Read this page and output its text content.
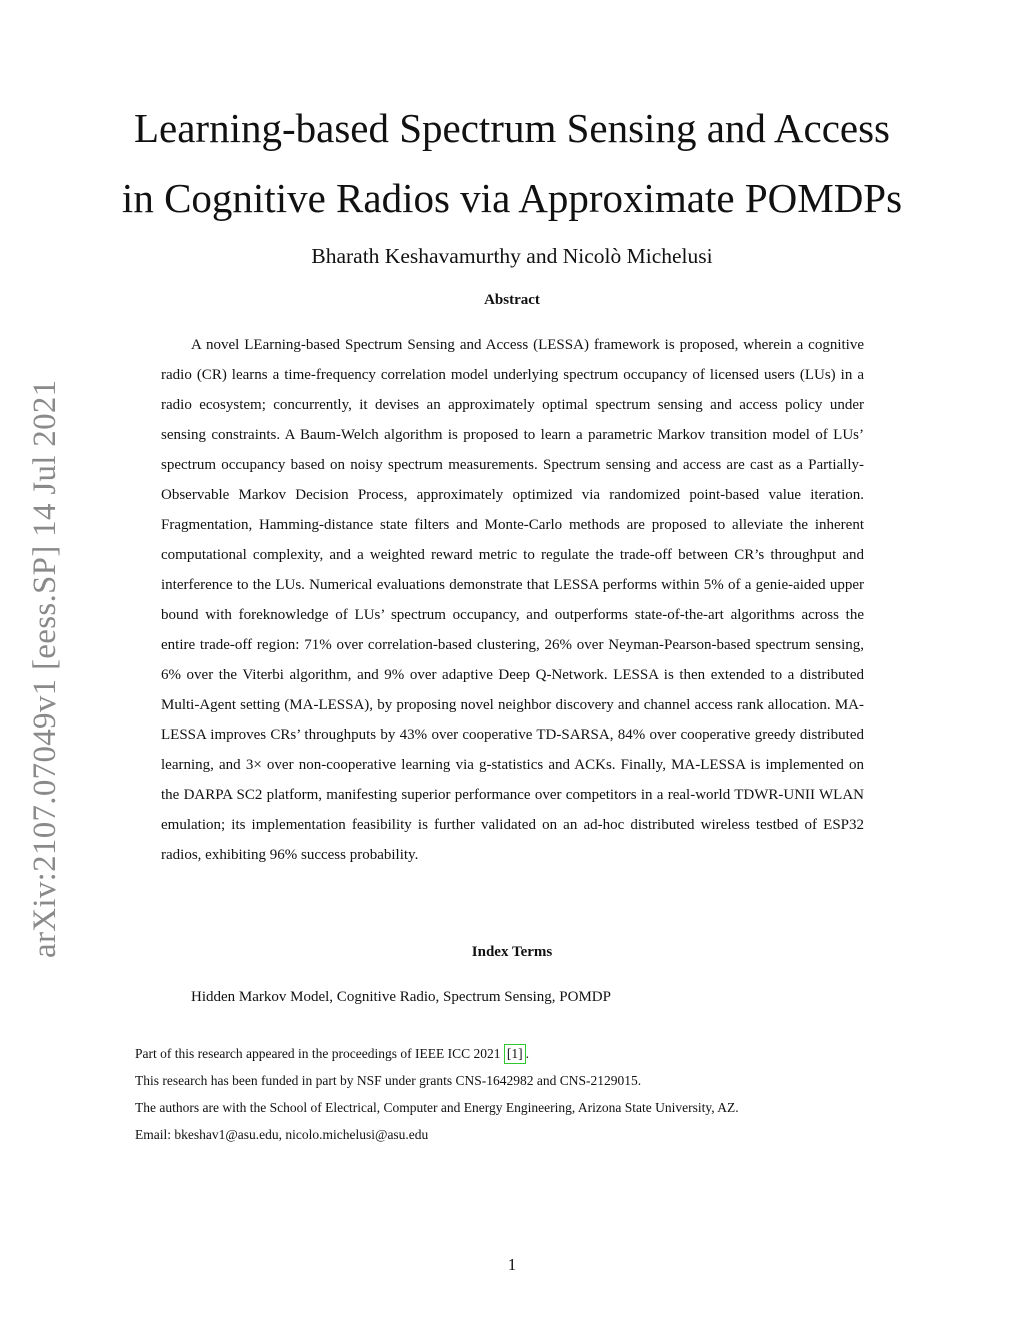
arXiv:2107.07049v1 [eess.SP] 14 Jul 2021
Learning-based Spectrum Sensing and Access
in Cognitive Radios via Approximate POMDPs
Bharath Keshavamurthy and Nicolò Michelusi
Abstract

A novel LEarning-based Spectrum Sensing and Access (LESSA) framework is proposed, wherein a cognitive radio (CR) learns a time-frequency correlation model underlying spectrum occupancy of licensed users (LUs) in a radio ecosystem; concurrently, it devises an approximately optimal spectrum sensing and access policy under sensing constraints. A Baum-Welch algorithm is proposed to learn a parametric Markov transition model of LUs’ spectrum occupancy based on noisy spectrum measurements. Spectrum sensing and access are cast as a Partially-Observable Markov Decision Process, approximately optimized via randomized point-based value iteration. Fragmentation, Hamming-distance state filters and Monte-Carlo methods are proposed to alleviate the inherent computational complexity, and a weighted reward metric to regulate the trade-off between CR’s throughput and interference to the LUs. Numerical evaluations demonstrate that LESSA performs within 5% of a genie-aided upper bound with foreknowledge of LUs’ spectrum occupancy, and outperforms state-of-the-art algorithms across the entire trade-off region: 71% over correlation-based clustering, 26% over Neyman-Pearson-based spectrum sensing, 6% over the Viterbi algorithm, and 9% over adaptive Deep Q-Network. LESSA is then extended to a distributed Multi-Agent setting (MA-LESSA), by proposing novel neighbor discovery and channel access rank allocation. MA-LESSA improves CRs’ throughputs by 43% over cooperative TD-SARSA, 84% over cooperative greedy distributed learning, and 3× over non-cooperative learning via g-statistics and ACKs. Finally, MA-LESSA is implemented on the DARPA SC2 platform, manifesting superior performance over competitors in a real-world TDWR-UNII WLAN emulation; its implementation feasibility is further validated on an ad-hoc distributed wireless testbed of ESP32 radios, exhibiting 96% success probability.

Index Terms

Hidden Markov Model, Cognitive Radio, Spectrum Sensing, POMDP

Part of this research appeared in the proceedings of IEEE ICC 2021 [1] .

This research has been funded in part by NSF under grants CNS-1642982 and CNS-2129015.

The authors are with the School of Electrical, Computer and Energy Engineering, Arizona State University, AZ.

Email: bkeshav1@asu.edu, nicolo.michelusi@asu.edu

1
